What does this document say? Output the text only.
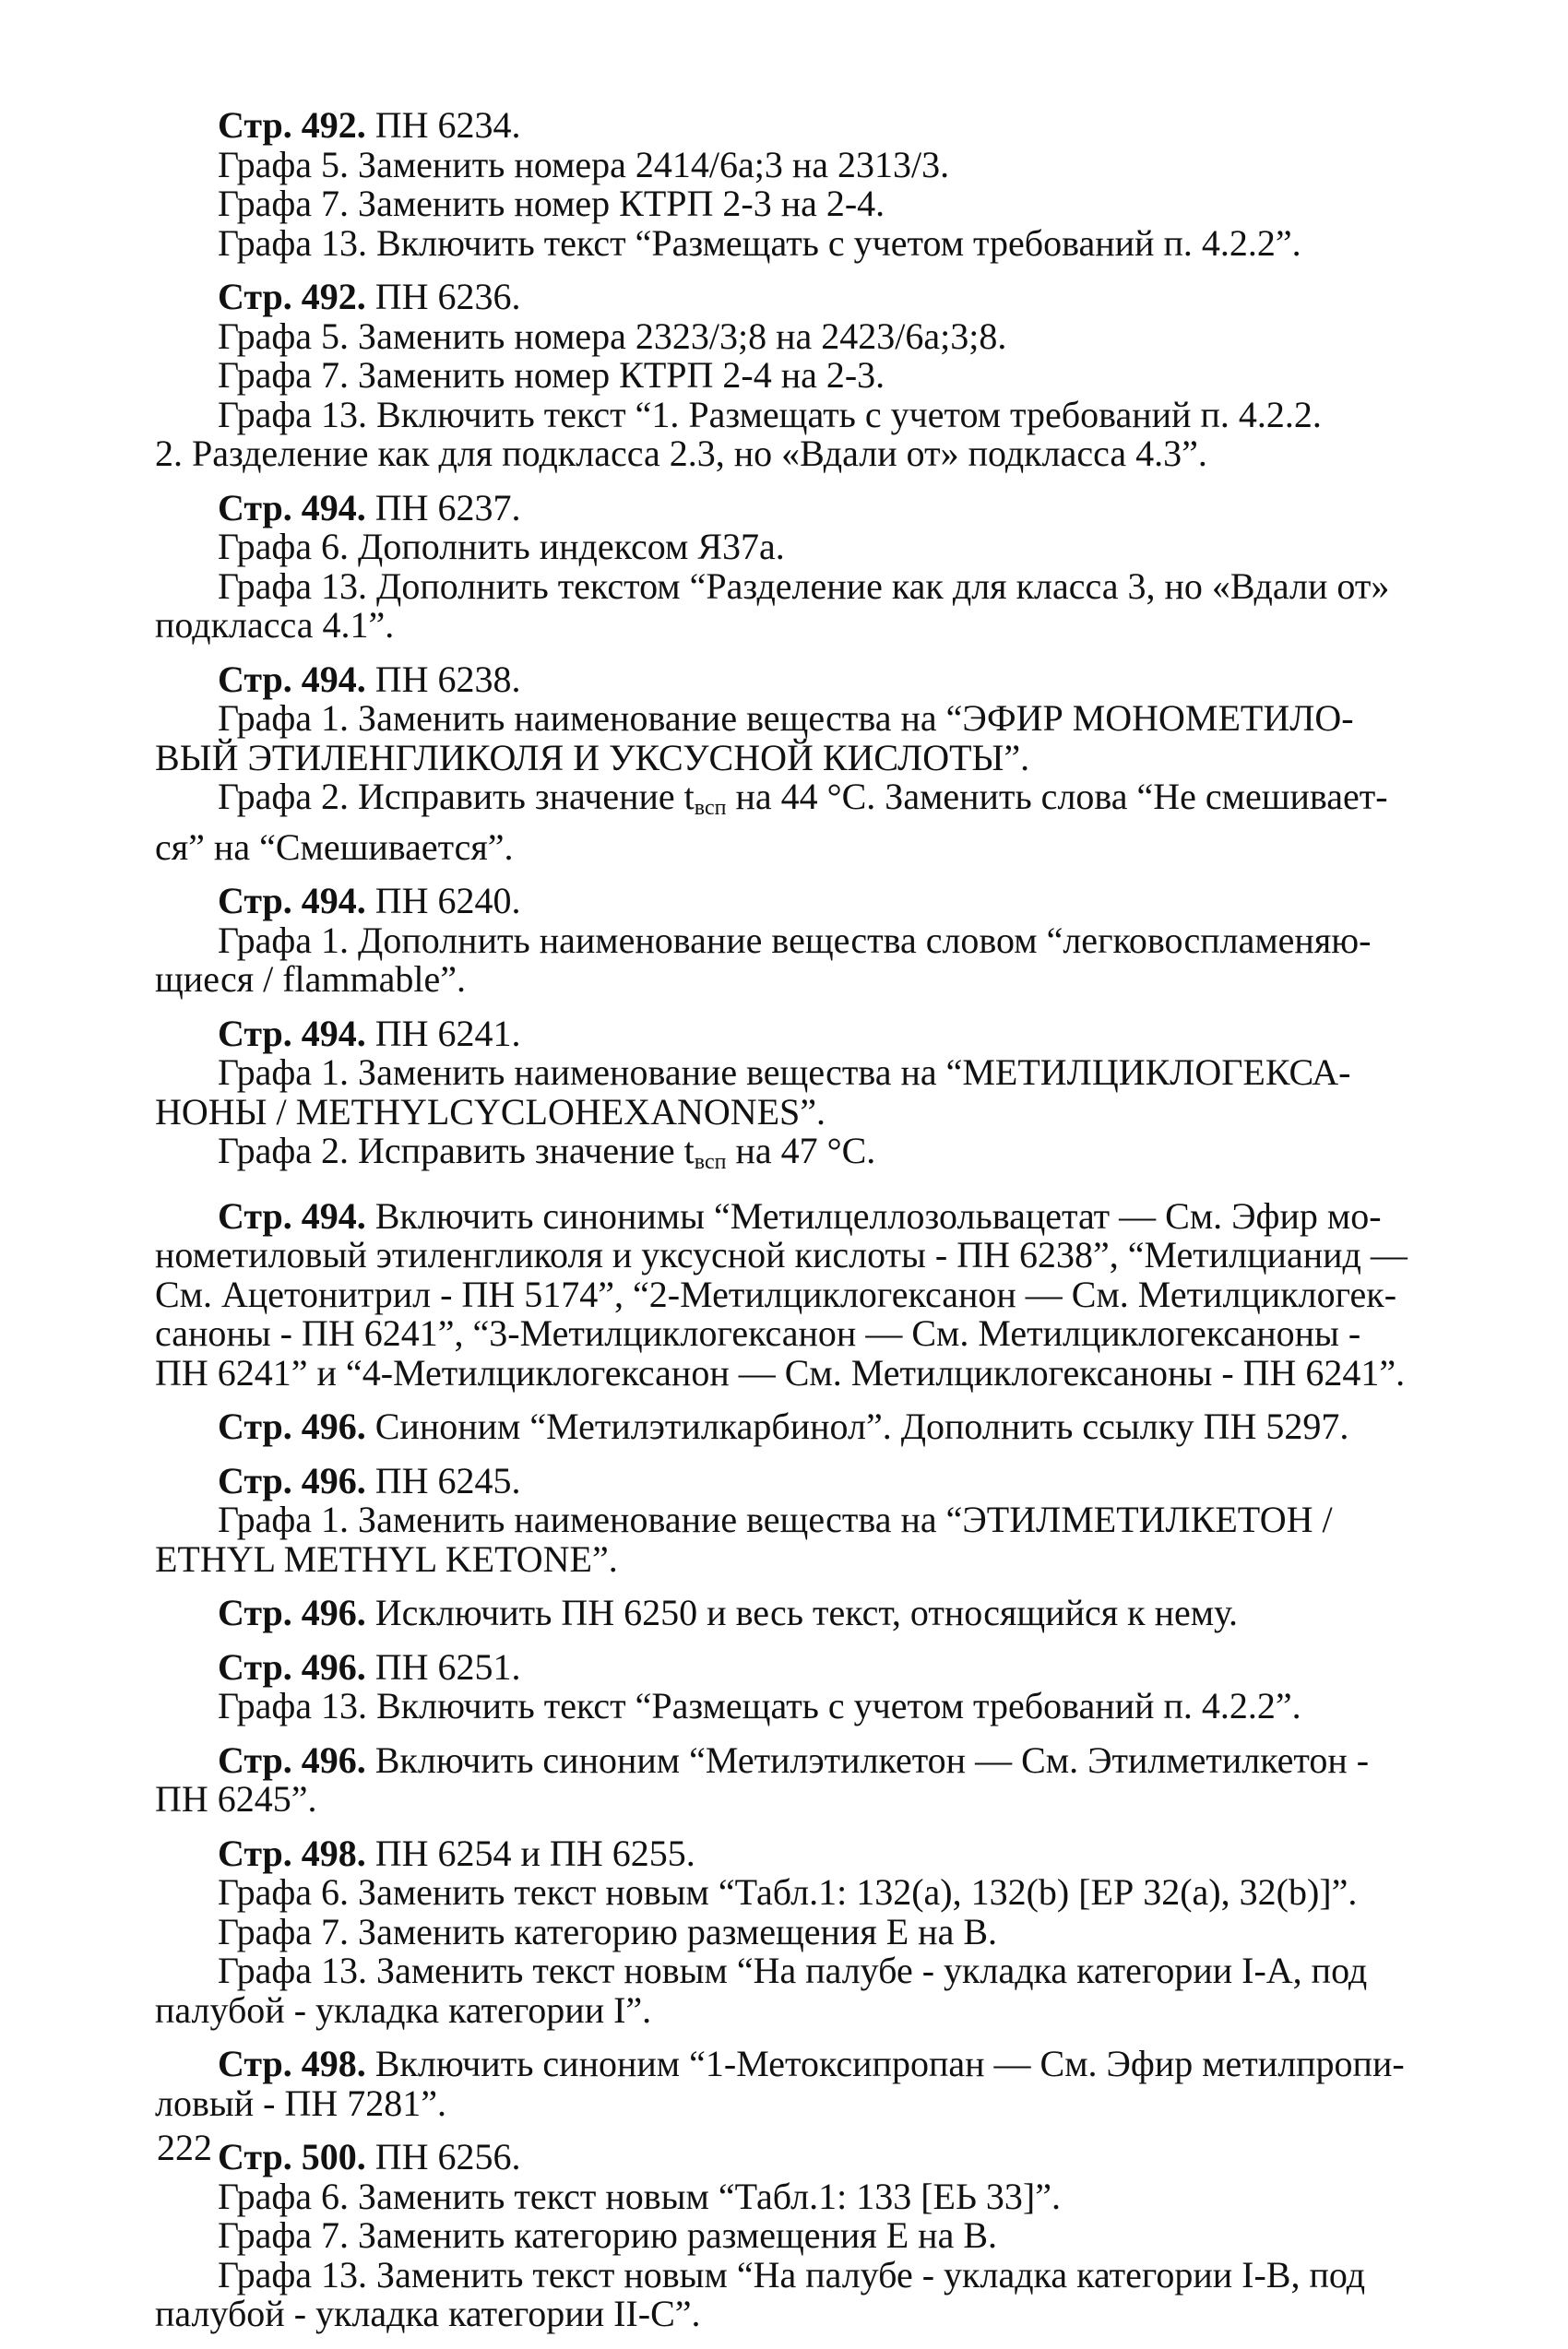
Стр. 492. ПН 6234.
Графа 5. Заменить номера 2414/6а;3 на 2313/3.
Графа 7. Заменить номер КТРП 2-3 на 2-4.
Графа 13. Включить текст “Размещать с учетом требований п. 4.2.2”.
Стр. 492. ПН 6236.
Графа 5. Заменить номера 2323/3;8 на 2423/6а;3;8.
Графа 7. Заменить номер КТРП 2-4 на 2-3.
Графа 13. Включить текст “1. Размещать с учетом требований п. 4.2.2.
2. Разделение как для подкласса 2.3, но «Вдали от» подкласса 4.3”.
Стр. 494. ПН 6237.
Графа 6. Дополнить индексом Я37а.
Графа 13. Дополнить текстом “Разделение как для класса 3, но «Вдали от»
подкласса 4.1”.
Стр. 494. ПН 6238.
Графа 1. Заменить наименование вещества на “ЭФИР МОНОМЕТИЛО-
ВЫЙ ЭТИЛЕНГЛИКОЛЯ И УКСУСНОЙ КИСЛОТЫ”.
Графа 2. Исправить значение $t_{всп}$ на 44 °С. Заменить слова “Не смешивает-
ся” на “Смешивается”.
Стр. 494. ПН 6240.
Графа 1. Дополнить наименование вещества словом “легковоспламеняю-
щиеся / flammable”.
Стр. 494. ПН 6241.
Графа 1. Заменить наименование вещества на “МЕТИЛЦИКЛОГЕКСА-
НОНЫ / METHYLCYCLOHEXANONES”.
Графа 2. Исправить значение $t_{всп}$ на 47 °С.
Стр. 494. Включить синонимы “Метилцеллозольвацетат — См. Эфир мо-
нометиловый этиленгликоля и уксусной кислоты - ПН 6238”, “Метилцианид —
См. Ацетонитрил - ПН 5174”, “2-Метилциклогексанон — См. Метилциклогек-
саноны - ПН 6241”, “3-Метилциклогексанон — См. Метилциклогексаноны -
ПН 6241” и “4-Метилциклогексанон — См. Метилциклогексаноны - ПН 6241”.
Стр. 496. Синоним “Метилэтилкарбинол”. Дополнить ссылку ПН 5297.
Стр. 496. ПН 6245.
Графа 1. Заменить наименование вещества на “ЭТИЛМЕТИЛКЕТОН /
ETHYL METHYL KETONE”.
Стр. 496. Исключить ПН 6250 и весь текст, относящийся к нему.
Стр. 496. ПН 6251.
Графа 13. Включить текст “Размещать с учетом требований п. 4.2.2”.
Стр. 496. Включить синоним “Метилэтилкетон — См. Этилметилкетон -
ПН 6245”.
Стр. 498. ПН 6254 и ПН 6255.
Графа 6. Заменить текст новым “Табл.1: 132(a), 132(b) [ЕР 32(a), 32(b)]”.
Графа 7. Заменить категорию размещения Е на В.
Графа 13. Заменить текст новым “На палубе - укладка категории I-A, под
палубой - укладка категории I”.
Стр. 498. Включить синоним “1-Метоксипропан — См. Эфир метилпропи-
ловый - ПН 7281”.
Стр. 500. ПН 6256.
Графа 6. Заменить текст новым “Табл.1: 133 [ЕЬ 33]”.
Графа 7. Заменить категорию размещения Е на В.
Графа 13. Заменить текст новым “На палубе - укладка категории I-B, под
палубой - укладка категории II-C”.
222
